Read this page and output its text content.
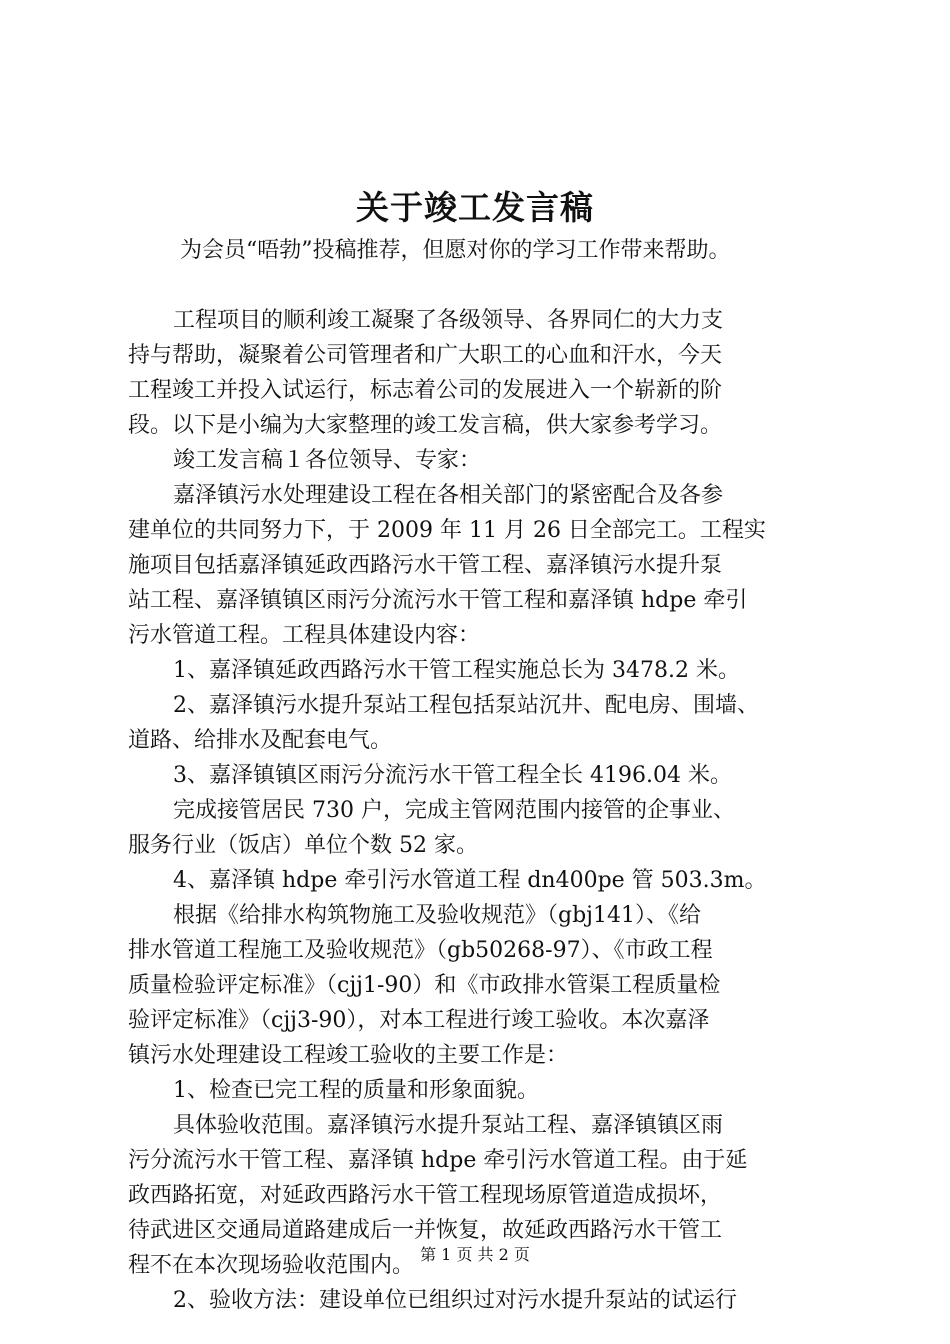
关于竣工发言稿
为会员“唔勃”投稿推荐，但愿对你的学习工作带来帮助。
工程项目的顺利竣工凝聚了各级领导、各界同仁的大力支
持与帮助，凝聚着公司管理者和广大职工的心血和汗水，今天
工程竣工并投入试运行，标志着公司的发展进入一个崭新的阶
段。以下是小编为大家整理的竣工发言稿，供大家参考学习。
竣工发言稿１各位领导、专家：
嘉泽镇污水处理建设工程在各相关部门的紧密配合及各参
建单位的共同努力下，于 2009 年 11 月 26 日全部完工。工程实
施项目包括嘉泽镇延政西路污水干管工程、嘉泽镇污水提升泵
站工程、嘉泽镇镇区雨污分流污水干管工程和嘉泽镇 hdpe 牵引
污水管道工程。工程具体建设内容：
1、嘉泽镇延政西路污水干管工程实施总长为 3478.2 米。
2、嘉泽镇污水提升泵站工程包括泵站沉井、配电房、围墙、
道路、给排水及配套电气。
3、嘉泽镇镇区雨污分流污水干管工程全长 4196.04 米。
完成接管居民 730 户，完成主管网范围内接管的企事业、
服务行业（饭店）单位个数 52 家。
4、嘉泽镇 hdpe 牵引污水管道工程 dn400pe 管 503.3m。
根据《给排水构筑物施工及验收规范》（gbj141）、《给
排水管道工程施工及验收规范》（gb50268-97）、《市政工程
质量检验评定标准》（cjj1-90）和《市政排水管渠工程质量检
验评定标准》（cjj3-90），对本工程进行竣工验收。本次嘉泽
镇污水处理建设工程竣工验收的主要工作是：
1、检查已完工程的质量和形象面貌。
具体验收范围。嘉泽镇污水提升泵站工程、嘉泽镇镇区雨
污分流污水干管工程、嘉泽镇 hdpe 牵引污水管道工程。由于延
政西路拓宽，对延政西路污水干管工程现场原管道造成损坏，
待武进区交通局道路建成后一并恢复，故延政西路污水干管工
程不在本次现场验收范围内。
2、验收方法：建设单位已组织过对污水提升泵站的试运行
第 1 页 共 2 页
